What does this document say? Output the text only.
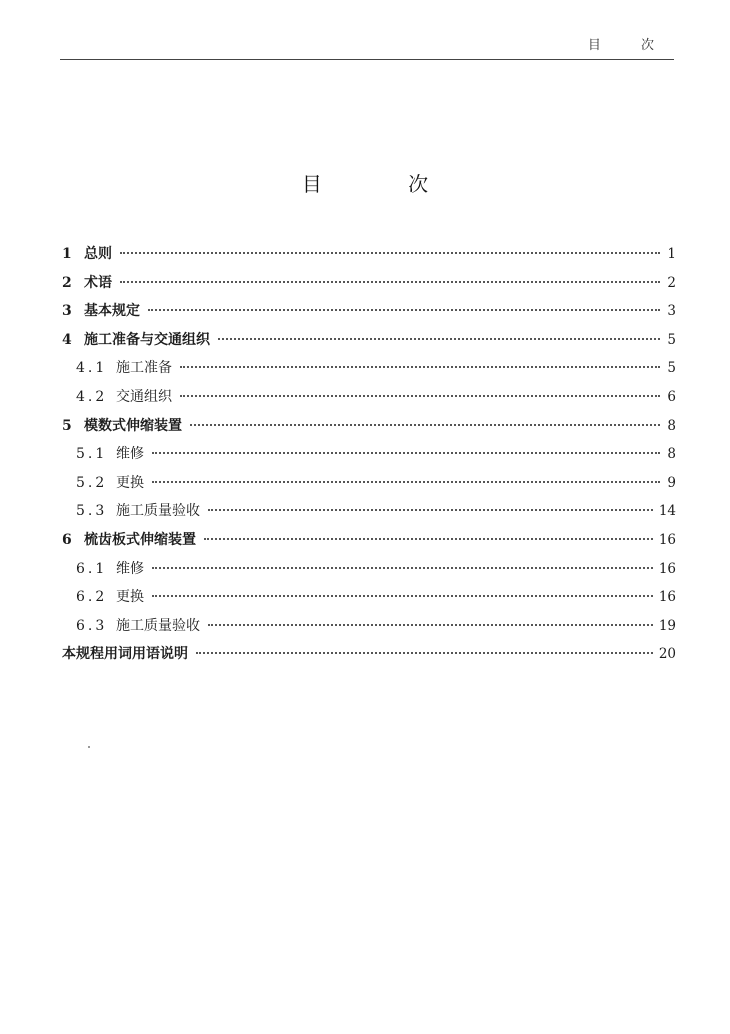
目 次
目 次
1 总则	1
2 术语	2
3 基本规定	3
4 施工准备与交通组织	5
4.1 施工准备	5
4.2 交通组织	6
5 模数式伸缩装置	8
5.1 维修	8
5.2 更换	9
5.3 施工质量验收	14
6 梳齿板式伸缩装置	16
6.1 维修	16
6.2 更换	16
6.3 施工质量验收	19
本规程用词用语说明	20
